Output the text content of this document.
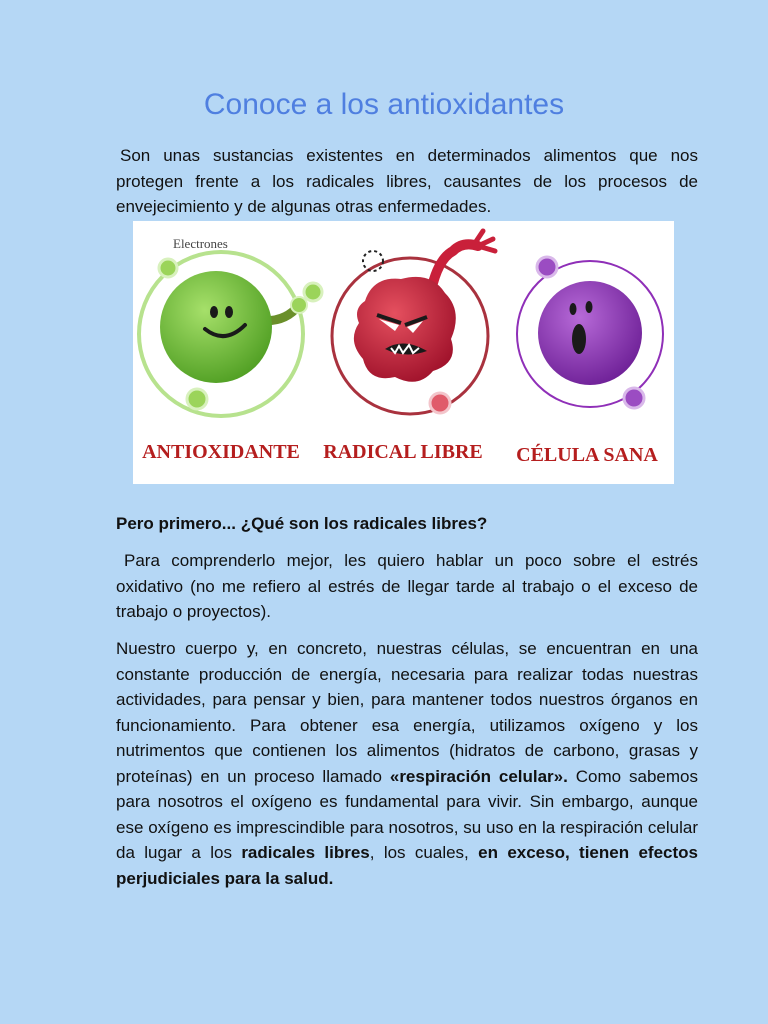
Conoce a los antioxidantes

Son unas sustancias existentes en determinados alimentos que nos protegen frente a los radicales libres, causantes de los procesos de envejecimiento y de algunas otras enfermedades.

Electrones
ANTIOXIDANTE RADICAL LIBRE CÉLULA SANA
Pero primero... ¿Qué son los radicales libres?

Para comprenderlo mejor, les quiero hablar un poco sobre el estrés oxidativo (no me refiero al estrés de llegar tarde al trabajo o el exceso de trabajo o proyectos).

Nuestro cuerpo y, en concreto, nuestras células, se encuentran en una constante producción de energía, necesaria para realizar todas nuestras actividades, para pensar y bien, para mantener todos nuestros órganos en funcionamiento. Para obtener esa energía, utilizamos oxígeno y los nutrimentos que contienen los alimentos (hidratos de carbono, grasas y proteínas) en un proceso llamado «respiración celular». Como sabemos para nosotros el oxígeno es fundamental para vivir. Sin embargo, aunque ese oxígeno es imprescindible para nosotros, su uso en la respiración celular da lugar a los radicales libres, los cuales, en exceso, tienen efectos perjudiciales para la salud.
